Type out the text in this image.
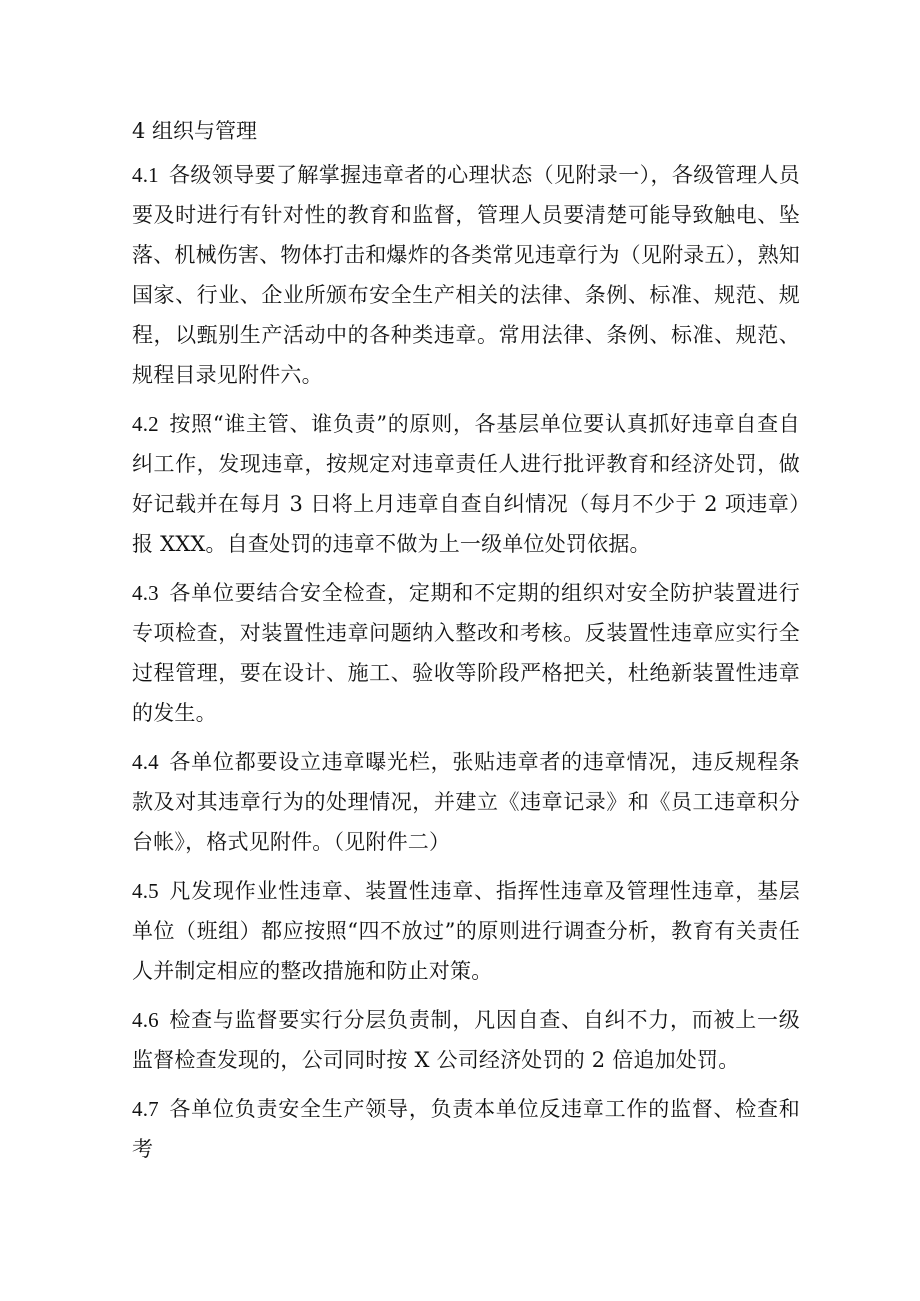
4 组织与管理

4.1 各级领导要了解掌握违章者的心理状态（见附录一），各级管理人员要及时进行有针对性的教育和监督，管理人员要清楚可能导致触电、坠落、机械伤害、物体打击和爆炸的各类常见违章行为（见附录五），熟知国家、行业、企业所颁布安全生产相关的法律、条例、标准、规范、规程，以甄别生产活动中的各种类违章。常用法律、条例、标准、规范、规程目录见附件六。

4.2 按照“谁主管、谁负责”的原则，各基层单位要认真抓好违章自查自纠工作，发现违章，按规定对违章责任人进行批评教育和经济处罚，做好记载并在每月 3 日将上月违章自查自纠情况（每月不少于 2 项违章）报 XXX。自查处罚的违章不做为上一级单位处罚依据。

4.3 各单位要结合安全检查，定期和不定期的组织对安全防护装置进行专项检查，对装置性违章问题纳入整改和考核。反装置性违章应实行全过程管理，要在设计、施工、验收等阶段严格把关，杜绝新装置性违章的发生。

4.4 各单位都要设立违章曝光栏，张贴违章者的违章情况，违反规程条款及对其违章行为的处理情况，并建立《违章记录》和《员工违章积分台帐》，格式见附件。（见附件二）

4.5 凡发现作业性违章、装置性违章、指挥性违章及管理性违章，基层单位（班组）都应按照“四不放过”的原则进行调查分析，教育有关责任人并制定相应的整改措施和防止对策。

4.6 检查与监督要实行分层负责制，凡因自查、自纠不力，而被上一级监督检查发现的，公司同时按 X 公司经济处罚的 2 倍追加处罚。

4.7 各单位负责安全生产领导，负责本单位反违章工作的监督、检查和考
